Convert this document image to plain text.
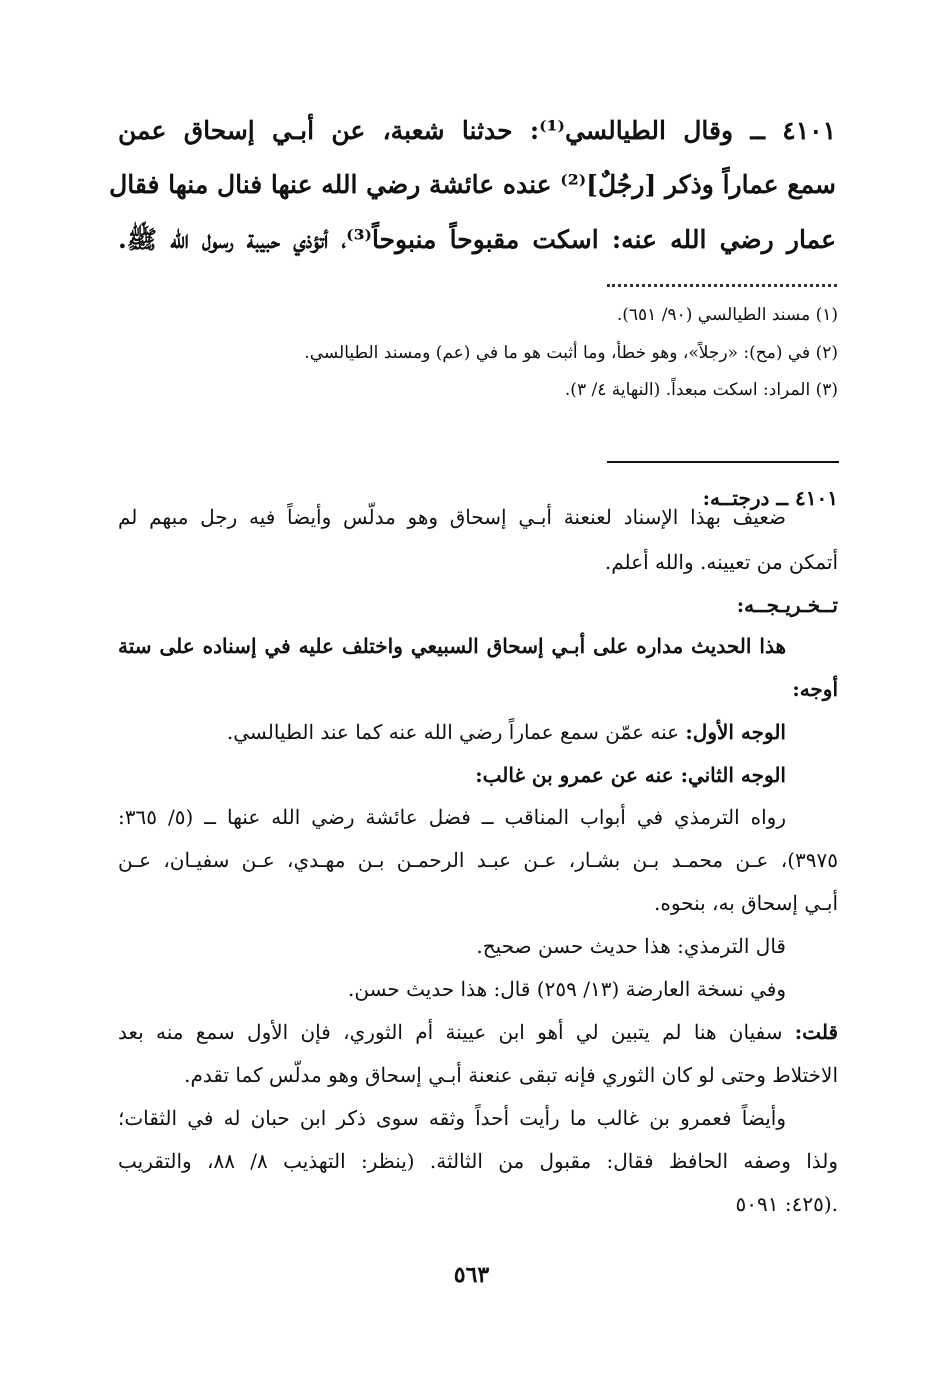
٤١٠١ ــ وقال الطيالسي⁽¹⁾: حدثنا شعبة، عن أبـي إسحاق عمن

سمع عماراً وذكر [رجُلٌ]⁽²⁾ عنده عائشة رضي الله عنها فنال منها فقال

عمار رضي الله عنه: اسكت مقبوحاً منبوحاً⁽³⁾، أتؤذي حبيبة رسول الله ﷺ.

(١) مسند الطيالسي (٩٠/ ٦٥١).

(٢) في (مح): «رجلاً»، وهو خطأ، وما أثبت هو ما في (عم) ومسند الطيالسي.

(٣) المراد: اسكت مبعداً. (النهاية ٤/ ٣).

٤١٠١ ــ درجتــه:

ضعيف بهذا الإسناد لعنعنة أبـي إسحاق وهو مدلّس وأيضاً فيه رجل مبهم لم

أتمكن من تعيينه. والله أعلم.

تــخـريـجــه:

هذا الحديث مداره على أبـي إسحاق السبيعي واختلف عليه في إسناده على ستة

أوجه:

الوجه الأول: عنه عمّن سمع عماراً رضي الله عنه كما عند الطيالسي.

الوجه الثاني: عنه عن عمرو بن غالب:

رواه الترمذي في أبواب المناقب ــ فضل عائشة رضي الله عنها ــ (٥/ ٣٦٥:

٣٩٧٥)، عـن محمـد بـن بشـار، عـن عبـد الرحمـن بـن مهـدي، عـن سفيـان، عـن

أبـي إسحاق به، بنحوه.

قال الترمذي: هذا حديث حسن صحيح.

وفي نسخة العارضة (١٣/ ٢٥٩) قال: هذا حديث حسن.

قلت: سفيان هنا لم يتبين لي أهو ابن عيينة أم الثوري، فإن الأول سمع منه بعد

الاختلاط وحتى لو كان الثوري فإنه تبقى عنعنة أبـي إسحاق وهو مدلّس كما تقدم.

وأيضاً فعمرو بن غالب ما رأيت أحداً وثقه سوى ذكر ابن حبان له في الثقات؛

ولذا وصفه الحافظ فقال: مقبول من الثالثة. (ينظر: التهذيب ٨/ ٨٨، والتقريب

٤٢٥: ٥٠٩١).

٥٦٣
